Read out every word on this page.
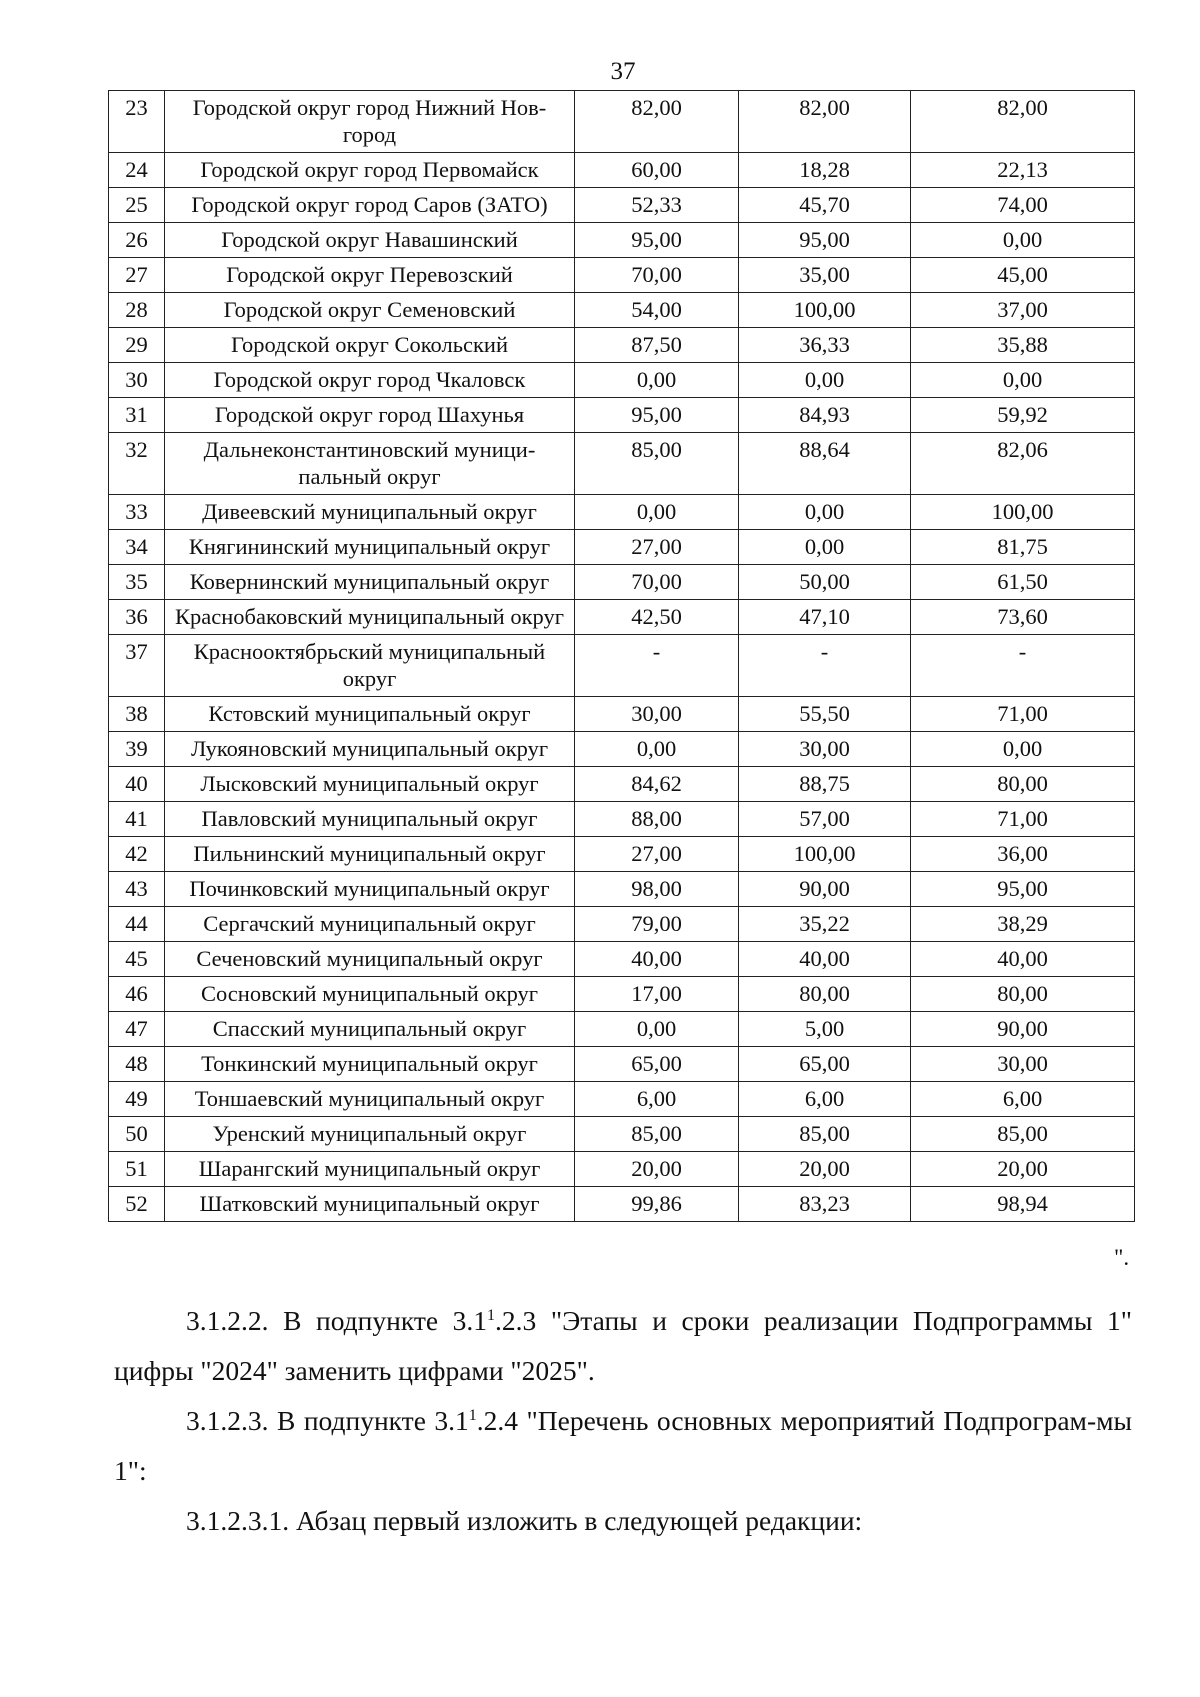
37
23	Городской округ город Нижний Нов-город	82,00	82,00	82,00
24	Городской округ город Первомайск	60,00	18,28	22,13
25	Городской округ город Саров (ЗАТО)	52,33	45,70	74,00
26	Городской округ Навашинский	95,00	95,00	0,00
27	Городской округ Перевозский	70,00	35,00	45,00
28	Городской округ Семеновский	54,00	100,00	37,00
29	Городской округ Сокольский	87,50	36,33	35,88
30	Городской округ город Чкаловск	0,00	0,00	0,00
31	Городской округ город Шахунья	95,00	84,93	59,92
32	Дальнеконстантиновский муници-пальный округ	85,00	88,64	82,06
33	Дивеевский муниципальный округ	0,00	0,00	100,00
34	Княгининский муниципальный округ	27,00	0,00	81,75
35	Ковернинский муниципальный округ	70,00	50,00	61,50
36	Краснобаковский муниципальный округ	42,50	47,10	73,60
37	Краснооктябрьский муниципальный округ	-	-	-
38	Кстовский муниципальный округ	30,00	55,50	71,00
39	Лукояновский муниципальный округ	0,00	30,00	0,00
40	Лысковский муниципальный округ	84,62	88,75	80,00
41	Павловский муниципальный округ	88,00	57,00	71,00
42	Пильнинский муниципальный округ	27,00	100,00	36,00
43	Починковский муниципальный округ	98,00	90,00	95,00
44	Сергачский муниципальный округ	79,00	35,22	38,29
45	Сеченовский муниципальный округ	40,00	40,00	40,00
46	Сосновский муниципальный округ	17,00	80,00	80,00
47	Спасский муниципальный округ	0,00	5,00	90,00
48	Тонкинский муниципальный округ	65,00	65,00	30,00
49	Тоншаевский муниципальный округ	6,00	6,00	6,00
50	Уренский муниципальный округ	85,00	85,00	85,00
51	Шарангский муниципальный округ	20,00	20,00	20,00
52	Шатковский муниципальный округ	99,86	83,23	98,94
".

3.1.2.2. В подпункте $3.1^1.2.3$ "Этапы и сроки реализации Подпрограммы 1" цифры "2024" заменить цифрами "2025".

3.1.2.3. В подпункте $3.1^1.2.4$ "Перечень основных мероприятий Подпрограм-мы 1":

3.1.2.3.1. Абзац первый изложить в следующей редакции:
